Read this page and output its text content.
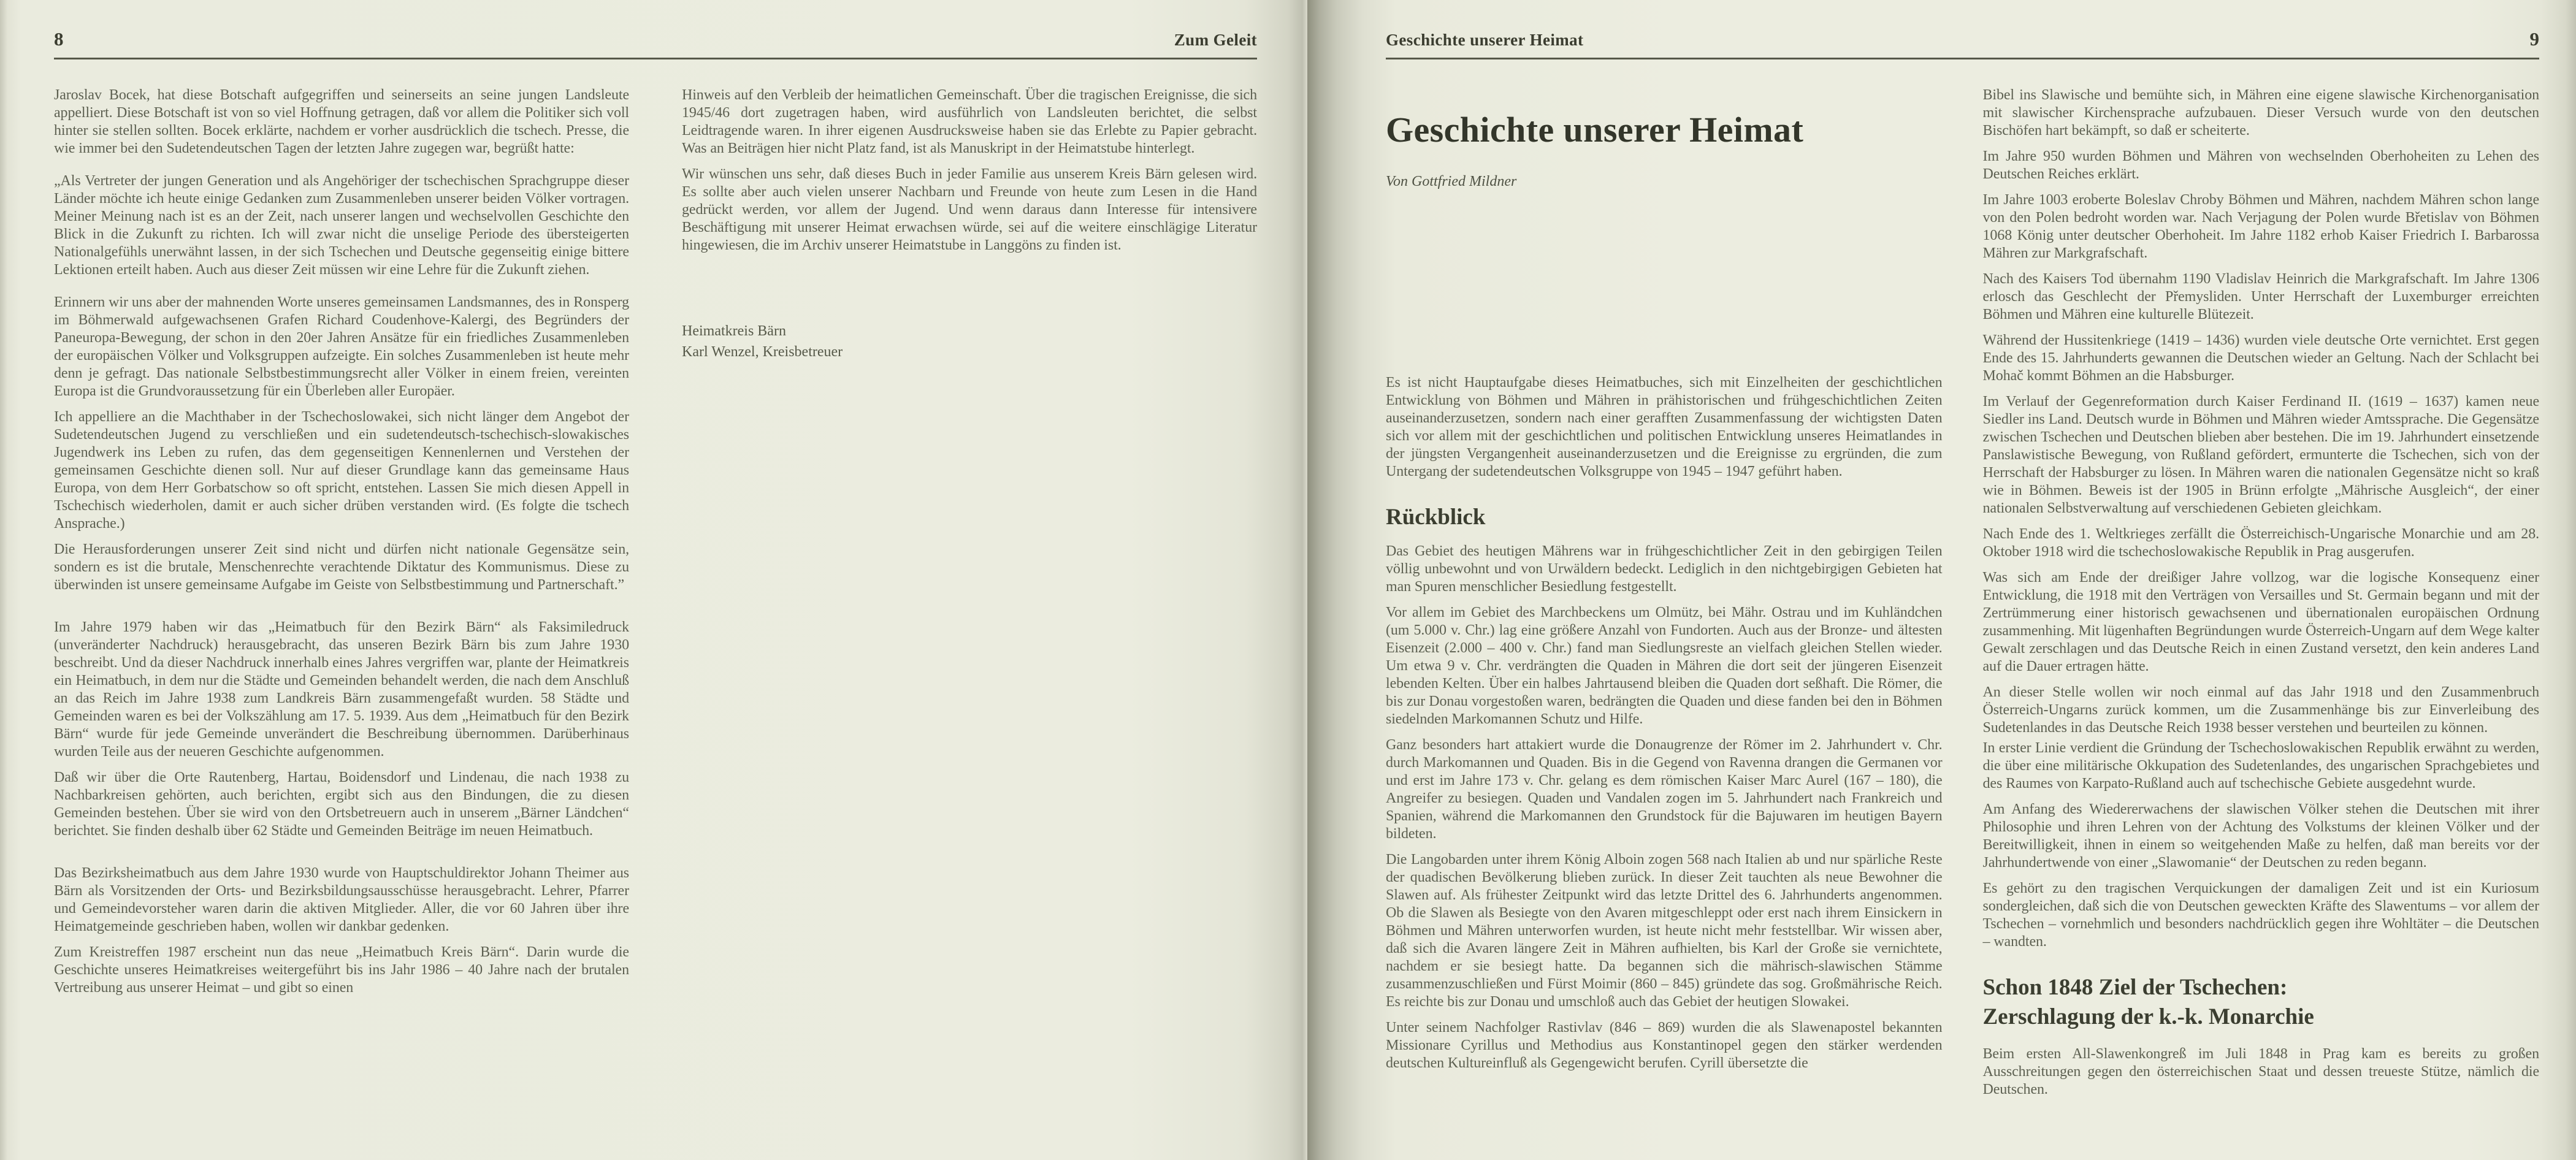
8	Zum Geleit

Jaroslav Bocek, hat diese Botschaft aufgegriffen und seinerseits an seine jungen Landsleute appelliert. Diese Botschaft ist von so viel Hoffnung getragen, daß vor allem die Politiker sich voll hinter sie stellen sollten. Bocek erklärte, nachdem er vorher ausdrücklich die tschech. Presse, die wie immer bei den Sudetendeutschen Tagen der letzten Jahre zugegen war, begrüßt hatte:

„Als Vertreter der jungen Generation und als Angehöriger der tschechischen Sprachgruppe dieser Länder möchte ich heute einige Gedanken zum Zusammenleben unserer beiden Völker vortragen. Meiner Meinung nach ist es an der Zeit, nach unserer langen und wechselvollen Geschichte den Blick in die Zukunft zu richten. Ich will zwar nicht die unselige Periode des übersteigerten Nationalgefühls unerwähnt lassen, in der sich Tschechen und Deutsche gegenseitig einige bittere Lektionen erteilt haben. Auch aus dieser Zeit müssen wir eine Lehre für die Zukunft ziehen.

Erinnern wir uns aber der mahnenden Worte unseres gemeinsamen Landsmannes, des in Ronsperg im Böhmerwald aufgewachsenen Grafen Richard Coudenhove-Kalergi, des Begründers der Paneuropa-Bewegung, der schon in den 20er Jahren Ansätze für ein friedliches Zusammenleben der europäischen Völker und Volksgruppen aufzeigte. Ein solches Zusammenleben ist heute mehr denn je gefragt. Das nationale Selbstbestimmungsrecht aller Völker in einem freien, vereinten Europa ist die Grundvoraussetzung für ein Überleben aller Europäer.

Ich appelliere an die Machthaber in der Tschechoslowakei, sich nicht länger dem Angebot der Sudetendeutschen Jugend zu verschließen und ein sudetendeutsch-tschechisch-slowakisches Jugendwerk ins Leben zu rufen, das dem gegenseitigen Kennenlernen und Verstehen der gemeinsamen Geschichte dienen soll. Nur auf dieser Grundlage kann das gemeinsame Haus Europa, von dem Herr Gorbatschow so oft spricht, entstehen. Lassen Sie mich diesen Appell in Tschechisch wiederholen, damit er auch sicher drüben verstanden wird. (Es folgte die tschech Ansprache.)

Die Herausforderungen unserer Zeit sind nicht und dürfen nicht nationale Gegensätze sein, sondern es ist die brutale, Menschenrechte verachtende Diktatur des Kommunismus. Diese zu überwinden ist unsere gemeinsame Aufgabe im Geiste von Selbstbestimmung und Partnerschaft.”

Im Jahre 1979 haben wir das „Heimatbuch für den Bezirk Bärn“ als Faksimiledruck (unveränderter Nachdruck) herausgebracht, das unseren Bezirk Bärn bis zum Jahre 1930 beschreibt. Und da dieser Nachdruck innerhalb eines Jahres vergriffen war, plante der Heimatkreis ein Heimatbuch, in dem nur die Städte und Gemeinden behandelt werden, die nach dem Anschluß an das Reich im Jahre 1938 zum Landkreis Bärn zusammengefaßt wurden. 58 Städte und Gemeinden waren es bei der Volkszählung am 17. 5. 1939. Aus dem „Heimatbuch für den Bezirk Bärn“ wurde für jede Gemeinde unverändert die Beschreibung übernommen. Darüberhinaus wurden Teile aus der neueren Geschichte aufgenommen.

Daß wir über die Orte Rautenberg, Hartau, Boidensdorf und Lindenau, die nach 1938 zu Nachbarkreisen gehörten, auch berichten, ergibt sich aus den Bindungen, die zu diesen Gemeinden bestehen. Über sie wird von den Ortsbetreuern auch in unserem „Bärner Ländchen“ berichtet. Sie finden deshalb über 62 Städte und Gemeinden Beiträge im neuen Heimatbuch.

Das Bezirksheimatbuch aus dem Jahre 1930 wurde von Hauptschuldirektor Johann Theimer aus Bärn als Vorsitzenden der Orts- und Bezirksbildungsausschüsse herausgebracht. Lehrer, Pfarrer und Gemeindevorsteher waren darin die aktiven Mitglieder. Aller, die vor 60 Jahren über ihre Heimatgemeinde geschrieben haben, wollen wir dankbar gedenken.

Zum Kreistreffen 1987 erscheint nun das neue „Heimatbuch Kreis Bärn“. Darin wurde die Geschichte unseres Heimatkreises weitergeführt bis ins Jahr 1986 – 40 Jahre nach der brutalen Vertreibung aus unserer Heimat – und gibt so einen

Hinweis auf den Verbleib der heimatlichen Gemeinschaft. Über die tragischen Ereignisse, die sich 1945/46 dort zugetragen haben, wird ausführlich von Landsleuten berichtet, die selbst Leidtragende waren. In ihrer eigenen Ausdrucksweise haben sie das Erlebte zu Papier gebracht. Was an Beiträgen hier nicht Platz fand, ist als Manuskript in der Heimatstube hinterlegt.

Wir wünschen uns sehr, daß dieses Buch in jeder Familie aus unserem Kreis Bärn gelesen wird. Es sollte aber auch vielen unserer Nachbarn und Freunde von heute zum Lesen in die Hand gedrückt werden, vor allem der Jugend. Und wenn daraus dann Interesse für intensivere Beschäftigung mit unserer Heimat erwachsen würde, sei auf die weitere einschlägige Literatur hingewiesen, die im Archiv unserer Heimatstube in Langgöns zu finden ist.

Heimatkreis Bärn

Karl Wenzel, Kreisbetreuer

Geschichte unserer Heimat	9
Geschichte unserer Heimat

Von Gottfried Mildner

Es ist nicht Hauptaufgabe dieses Heimatbuches, sich mit Einzelheiten der geschichtlichen Entwicklung von Böhmen und Mähren in prähistorischen und frühgeschichtlichen Zeiten auseinanderzusetzen, sondern nach einer gerafften Zusammenfassung der wichtigsten Daten sich vor allem mit der geschichtlichen und politischen Entwicklung unseres Heimatlandes in der jüngsten Vergangenheit auseinanderzusetzen und die Ereignisse zu ergründen, die zum Untergang der sudetendeutschen Volksgruppe von 1945 – 1947 geführt haben.

Rückblick

Das Gebiet des heutigen Mährens war in frühgeschichtlicher Zeit in den gebirgigen Teilen völlig unbewohnt und von Urwäldern bedeckt. Lediglich in den nichtgebirgigen Gebieten hat man Spuren menschlicher Besiedlung festgestellt.

Vor allem im Gebiet des Marchbeckens um Olmütz, bei Mähr. Ostrau und im Kuhländchen (um 5.000 v. Chr.) lag eine größere Anzahl von Fundorten. Auch aus der Bronze- und ältesten Eisenzeit (2.000 – 400 v. Chr.) fand man Siedlungsreste an vielfach gleichen Stellen wieder. Um etwa 9 v. Chr. verdrängten die Quaden in Mähren die dort seit der jüngeren Eisenzeit lebenden Kelten. Über ein halbes Jahrtausend bleiben die Quaden dort seßhaft. Die Römer, die bis zur Donau vorgestoßen waren, bedrängten die Quaden und diese fanden bei den in Böhmen siedelnden Markomannen Schutz und Hilfe.

Ganz besonders hart attakiert wurde die Donaugrenze der Römer im 2. Jahrhundert v. Chr. durch Markomannen und Quaden. Bis in die Gegend von Ravenna drangen die Germanen vor und erst im Jahre 173 v. Chr. gelang es dem römischen Kaiser Marc Aurel (167 – 180), die Angreifer zu besiegen. Quaden und Vandalen zogen im 5. Jahrhundert nach Frankreich und Spanien, während die Markomannen den Grundstock für die Bajuwaren im heutigen Bayern bildeten.

Die Langobarden unter ihrem König Alboin zogen 568 nach Italien ab und nur spärliche Reste der quadischen Bevölkerung blieben zurück. In dieser Zeit tauchten als neue Bewohner die Slawen auf. Als frühester Zeitpunkt wird das letzte Drittel des 6. Jahrhunderts angenommen. Ob die Slawen als Besiegte von den Avaren mitgeschleppt oder erst nach ihrem Einsickern in Böhmen und Mähren unterworfen wurden, ist heute nicht mehr feststellbar. Wir wissen aber, daß sich die Avaren längere Zeit in Mähren aufhielten, bis Karl der Große sie vernichtete, nachdem er sie besiegt hatte. Da begannen sich die mährisch-slawischen Stämme zusammenzuschließen und Fürst Moimir (860 – 845) gründete das sog. Großmährische Reich. Es reichte bis zur Donau und umschloß auch das Gebiet der heutigen Slowakei.

Unter seinem Nachfolger Rastivlav (846 – 869) wurden die als Slawenapostel bekannten Missionare Cyrillus und Methodius aus Konstantinopel gegen den stärker werdenden deutschen Kultureinfluß als Gegengewicht berufen. Cyrill übersetzte die

Bibel ins Slawische und bemühte sich, in Mähren eine eigene slawische Kirchenorganisation mit slawischer Kirchensprache aufzubauen. Dieser Versuch wurde von den deutschen Bischöfen hart bekämpft, so daß er scheiterte.

Im Jahre 950 wurden Böhmen und Mähren von wechselnden Oberhoheiten zu Lehen des Deutschen Reiches erklärt.

Im Jahre 1003 eroberte Boleslav Chroby Böhmen und Mähren, nachdem Mähren schon lange von den Polen bedroht worden war. Nach Verjagung der Polen wurde Břetislav von Böhmen 1068 König unter deutscher Oberhoheit. Im Jahre 1182 erhob Kaiser Friedrich I. Barbarossa Mähren zur Markgrafschaft.

Nach des Kaisers Tod übernahm 1190 Vladislav Heinrich die Markgrafschaft. Im Jahre 1306 erlosch das Geschlecht der Přemysliden. Unter Herrschaft der Luxemburger erreichten Böhmen und Mähren eine kulturelle Blütezeit.

Während der Hussitenkriege (1419 – 1436) wurden viele deutsche Orte vernichtet. Erst gegen Ende des 15. Jahrhunderts gewannen die Deutschen wieder an Geltung. Nach der Schlacht bei Mohač kommt Böhmen an die Habsburger.

Im Verlauf der Gegenreformation durch Kaiser Ferdinand II. (1619 – 1637) kamen neue Siedler ins Land. Deutsch wurde in Böhmen und Mähren wieder Amtssprache. Die Gegensätze zwischen Tschechen und Deutschen blieben aber bestehen. Die im 19. Jahrhundert einsetzende Panslawistische Bewegung, von Rußland gefördert, ermunterte die Tschechen, sich von der Herrschaft der Habsburger zu lösen. In Mähren waren die nationalen Gegensätze nicht so kraß wie in Böhmen. Beweis ist der 1905 in Brünn erfolgte „Mährische Ausgleich“, der einer nationalen Selbstverwaltung auf verschiedenen Gebieten gleichkam.

Nach Ende des 1. Weltkrieges zerfällt die Österreichisch-Ungarische Monarchie und am 28. Oktober 1918 wird die tschechoslowakische Republik in Prag ausgerufen.

Was sich am Ende der dreißiger Jahre vollzog, war die logische Konsequenz einer Entwicklung, die 1918 mit den Verträgen von Versailles und St. Germain begann und mit der Zertrümmerung einer historisch gewachsenen und übernationalen europäischen Ordnung zusammenhing. Mit lügenhaften Begründungen wurde Österreich-Ungarn auf dem Wege kalter Gewalt zerschlagen und das Deutsche Reich in einen Zustand versetzt, den kein anderes Land auf die Dauer ertragen hätte.

An dieser Stelle wollen wir noch einmal auf das Jahr 1918 und den Zusammenbruch Österreich-Ungarns zurück kommen, um die Zusammenhänge bis zur Einverleibung des Sudetenlandes in das Deutsche Reich 1938 besser verstehen und beurteilen zu können.

In erster Linie verdient die Gründung der Tschechoslowakischen Republik erwähnt zu werden, die über eine militärische Okkupation des Sudetenlandes, des ungarischen Sprachgebietes und des Raumes von Karpato-Rußland auch auf tschechische Gebiete ausgedehnt wurde.

Am Anfang des Wiedererwachens der slawischen Völker stehen die Deutschen mit ihrer Philosophie und ihren Lehren von der Achtung des Volkstums der kleinen Völker und der Bereitwilligkeit, ihnen in einem so weitgehenden Maße zu helfen, daß man bereits vor der Jahrhundertwende von einer „Slawomanie“ der Deutschen zu reden begann.

Es gehört zu den tragischen Verquickungen der damaligen Zeit und ist ein Kuriosum sondergleichen, daß sich die von Deutschen geweckten Kräfte des Slawentums – vor allem der Tschechen – vornehmlich und besonders nachdrücklich gegen ihre Wohltäter – die Deutschen – wandten.

Schon 1848 Ziel der Tschechen:
Zerschlagung der k.-k. Monarchie

Beim ersten All-Slawenkongreß im Juli 1848 in Prag kam es bereits zu großen Ausschreitungen gegen den österreichischen Staat und dessen treueste Stütze, nämlich die Deutschen.
